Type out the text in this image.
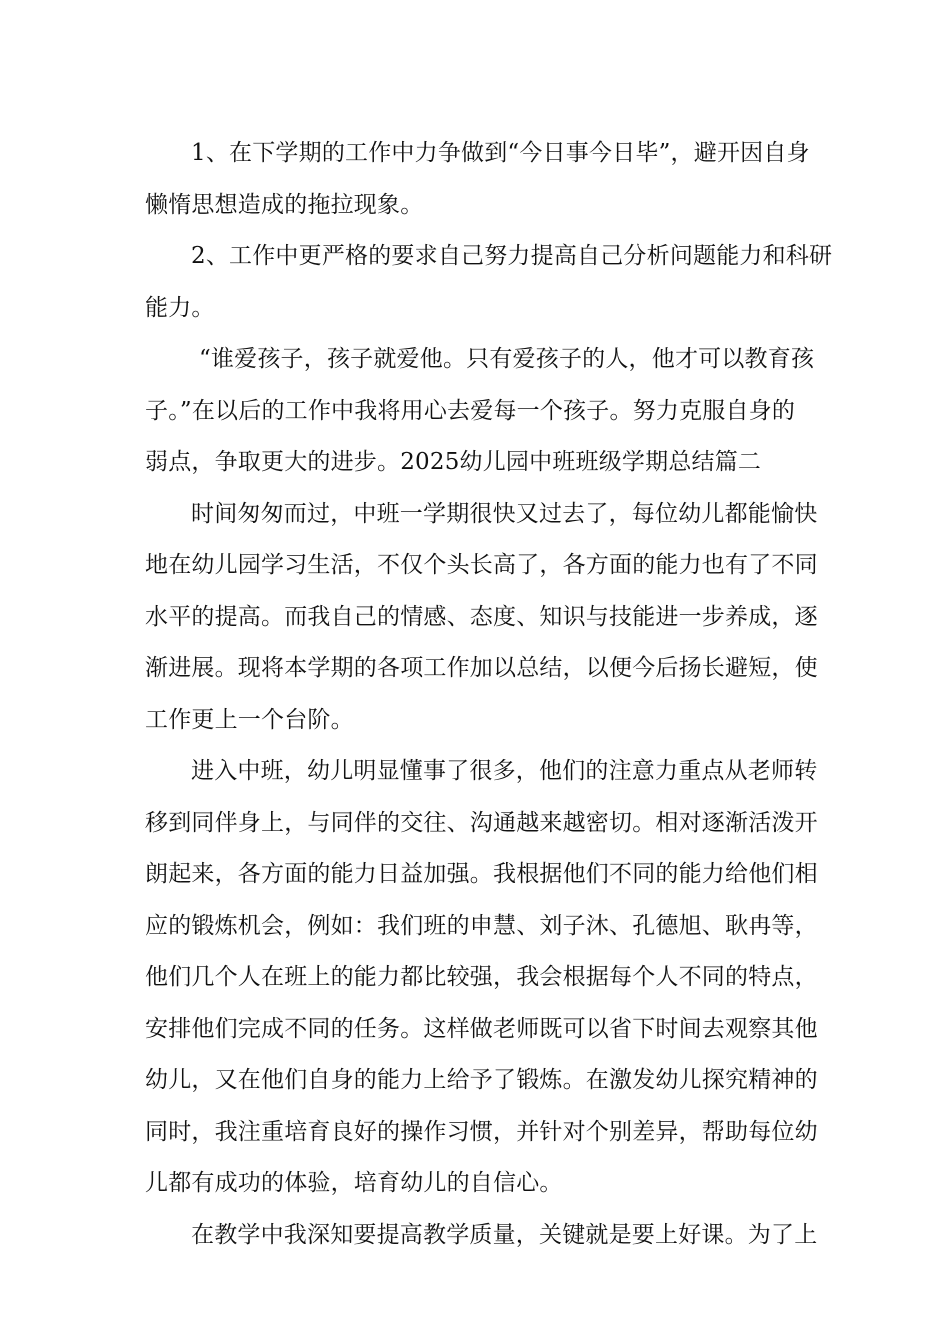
1、在下学期的工作中力争做到“今日事今日毕”，避开因自身
懒惰思想造成的拖拉现象。

2、工作中更严格的要求自己努力提高自己分析问题能力和科研
能力。

“谁爱孩子，孩子就爱他。只有爱孩子的人，他才可以教育孩
子。”在以后的工作中我将用心去爱每一个孩子。努力克服自身的
弱点，争取更大的进步。2025幼儿园中班班级学期总结篇二

时间匆匆而过，中班一学期很快又过去了，每位幼儿都能愉快
地在幼儿园学习生活，不仅个头长高了，各方面的能力也有了不同
水平的提高。而我自己的情感、态度、知识与技能进一步养成，逐
渐进展。现将本学期的各项工作加以总结，以便今后扬长避短，使
工作更上一个台阶。

进入中班，幼儿明显懂事了很多，他们的注意力重点从老师转
移到同伴身上，与同伴的交往、沟通越来越密切。相对逐渐活泼开
朗起来，各方面的能力日益加强。我根据他们不同的能力给他们相
应的锻炼机会，例如：我们班的申慧、刘子沐、孔德旭、耿冉等，
他们几个人在班上的能力都比较强，我会根据每个人不同的特点，
安排他们完成不同的任务。这样做老师既可以省下时间去观察其他
幼儿，又在他们自身的能力上给予了锻炼。在激发幼儿探究精神的
同时，我注重培育良好的操作习惯，并针对个别差异，帮助每位幼
儿都有成功的体验，培育幼儿的自信心。

在教学中我深知要提高教学质量，关键就是要上好课。为了上
